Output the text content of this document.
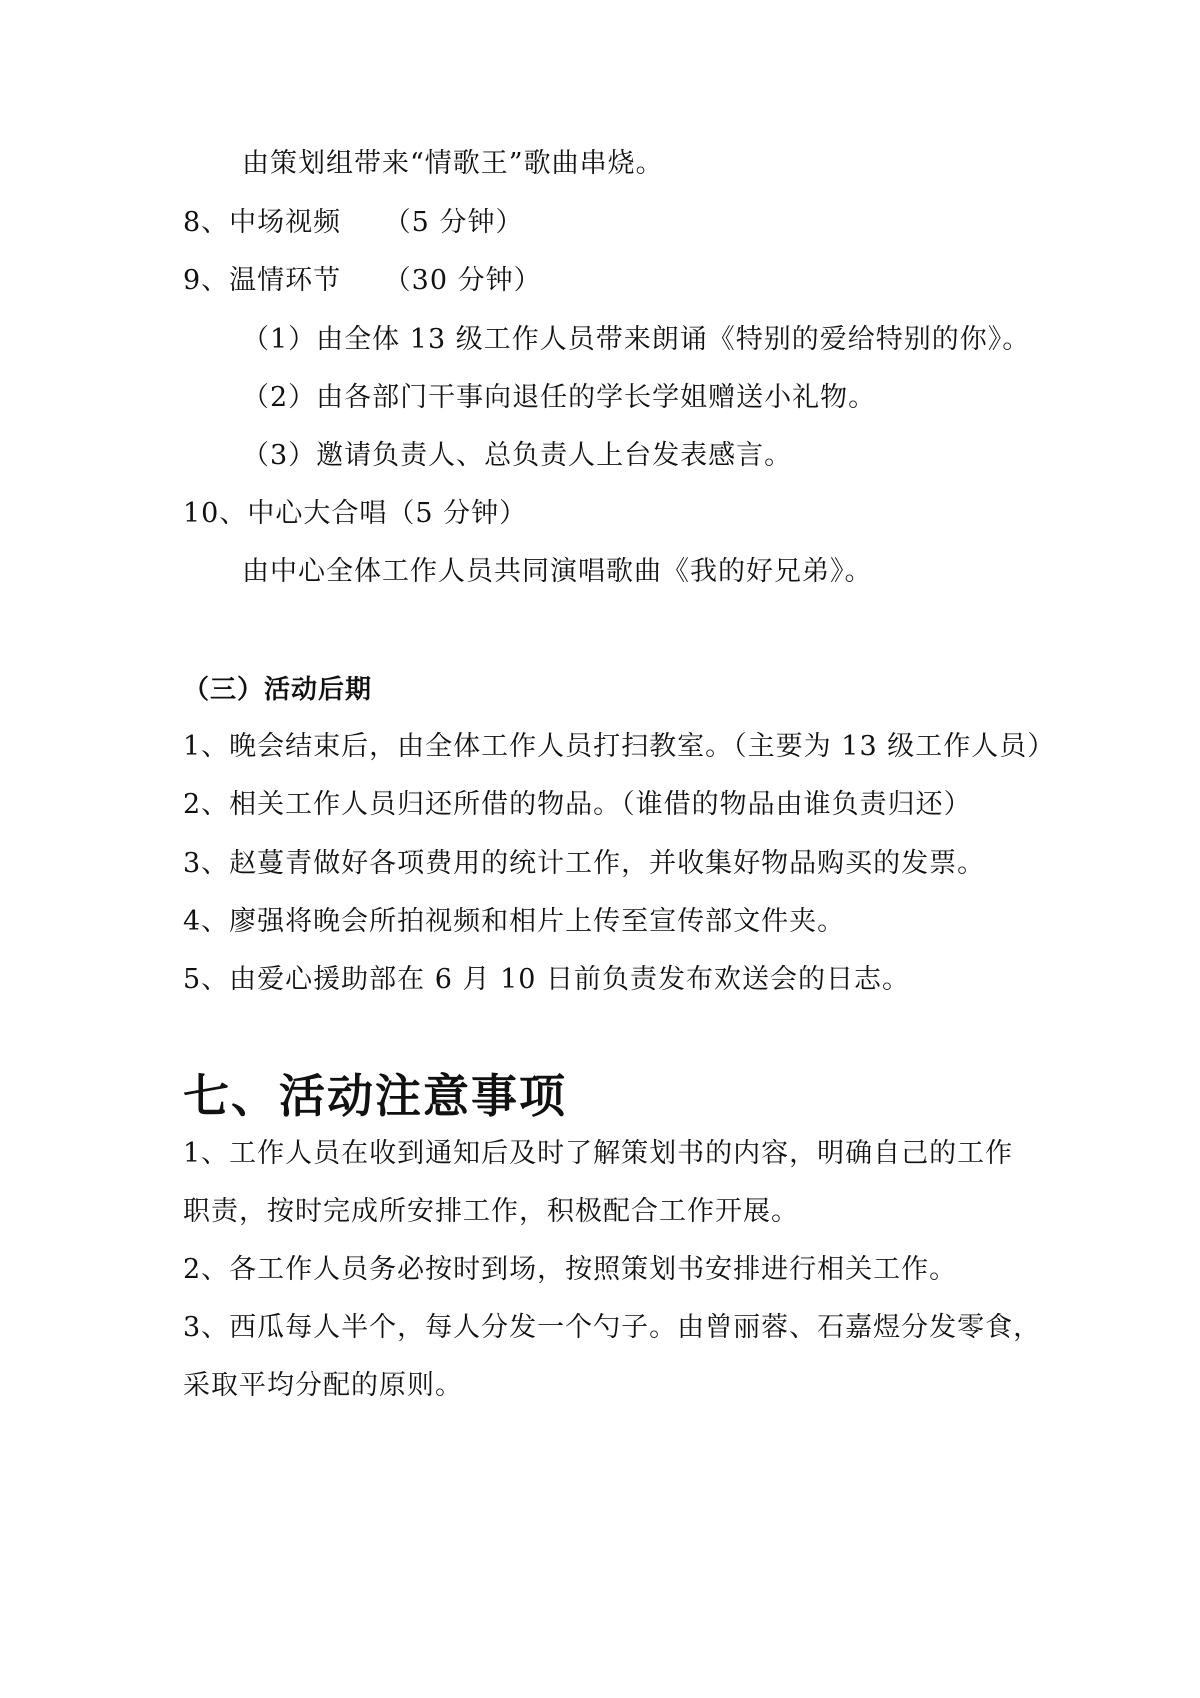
由策划组带来“情歌王”歌曲串烧。
8、中场视频　　（5 分钟）
9、温情环节　　（30 分钟）
（1）由全体 13 级工作人员带来朗诵《特别的爱给特别的你》。
（2）由各部门干事向退任的学长学姐赠送小礼物。
（3）邀请负责人、总负责人上台发表感言。
10、中心大合唱（5 分钟）
由中心全体工作人员共同演唱歌曲《我的好兄弟》。
（三）活动后期
1、晚会结束后，由全体工作人员打扫教室。（主要为 13 级工作人员）
2、相关工作人员归还所借的物品。（谁借的物品由谁负责归还）
3、赵蔓青做好各项费用的统计工作，并收集好物品购买的发票。
4、廖强将晚会所拍视频和相片上传至宣传部文件夹。
5、由爱心援助部在 6 月 10 日前负责发布欢送会的日志。
七、活动注意事项
1、工作人员在收到通知后及时了解策划书的内容，明确自己的工作
职责，按时完成所安排工作，积极配合工作开展。
2、各工作人员务必按时到场，按照策划书安排进行相关工作。
3、西瓜每人半个，每人分发一个勺子。由曾丽蓉、石嘉煜分发零食，
采取平均分配的原则。
